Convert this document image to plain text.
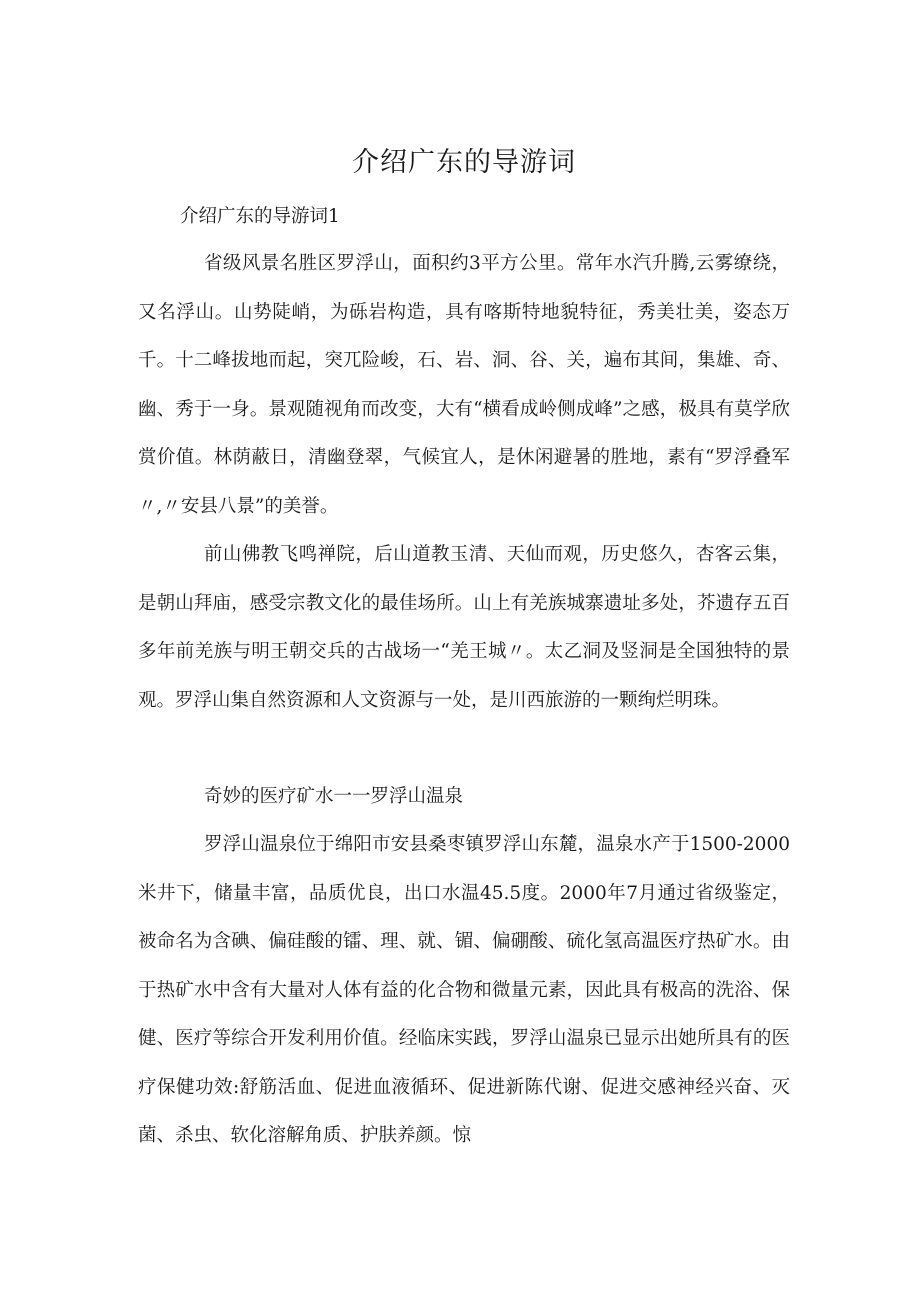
介绍广东的导游词

介绍广东的导游词1

省级风景名胜区罗浮山，面积约3平方公里。常年水汽升腾,云雾缭绕，又名浮山。山势陡峭，为砾岩构造，具有喀斯特地貌特征，秀美壮美，姿态万千。十二峰拔地而起，突兀险峻，石、岩、洞、谷、关，遍布其间，集雄、奇、幽、秀于一身。景观随视角而改变，大有“横看成岭侧成峰”之感，极具有莫学欣赏价值。林荫蔽日，清幽登翠，气候宜人，是休闲避暑的胜地，素有“罗浮叠军〃,〃安县八景”的美誉。

前山佛教飞鸣禅院，后山道教玉清、天仙而观，历史悠久，杏客云集，是朝山拜庙，感受宗教文化的最佳场所。山上有羌族城寨遗址多处，芥遗存五百多年前羌族与明王朝交兵的古战场一“羌王城〃。太乙洞及竖洞是全国独特的景观。罗浮山集自然资源和人文资源与一处，是川西旅游的一颗绚烂明珠。

奇妙的医疗矿水一一罗浮山温泉

罗浮山温泉位于绵阳市安县桑枣镇罗浮山东麓，温泉水产于1500-2000米井下，储量丰富，品质优良，出口水温45.5度。2000年7月通过省级鉴定，被命名为含碘、偏硅酸的镭、理、就、镅、偏硼酸、硫化氢高温医疗热矿水。由于热矿水中含有大量对人体有益的化合物和微量元素，因此具有极高的洗浴、保健、医疗等综合开发利用价值。经临床实践，罗浮山温泉已显示出她所具有的医疗保健功效:舒筋活血、促进血液循环、促进新陈代谢、促进交感神经兴奋、灭菌、杀虫、软化溶解角质、护肤养颜。惊
